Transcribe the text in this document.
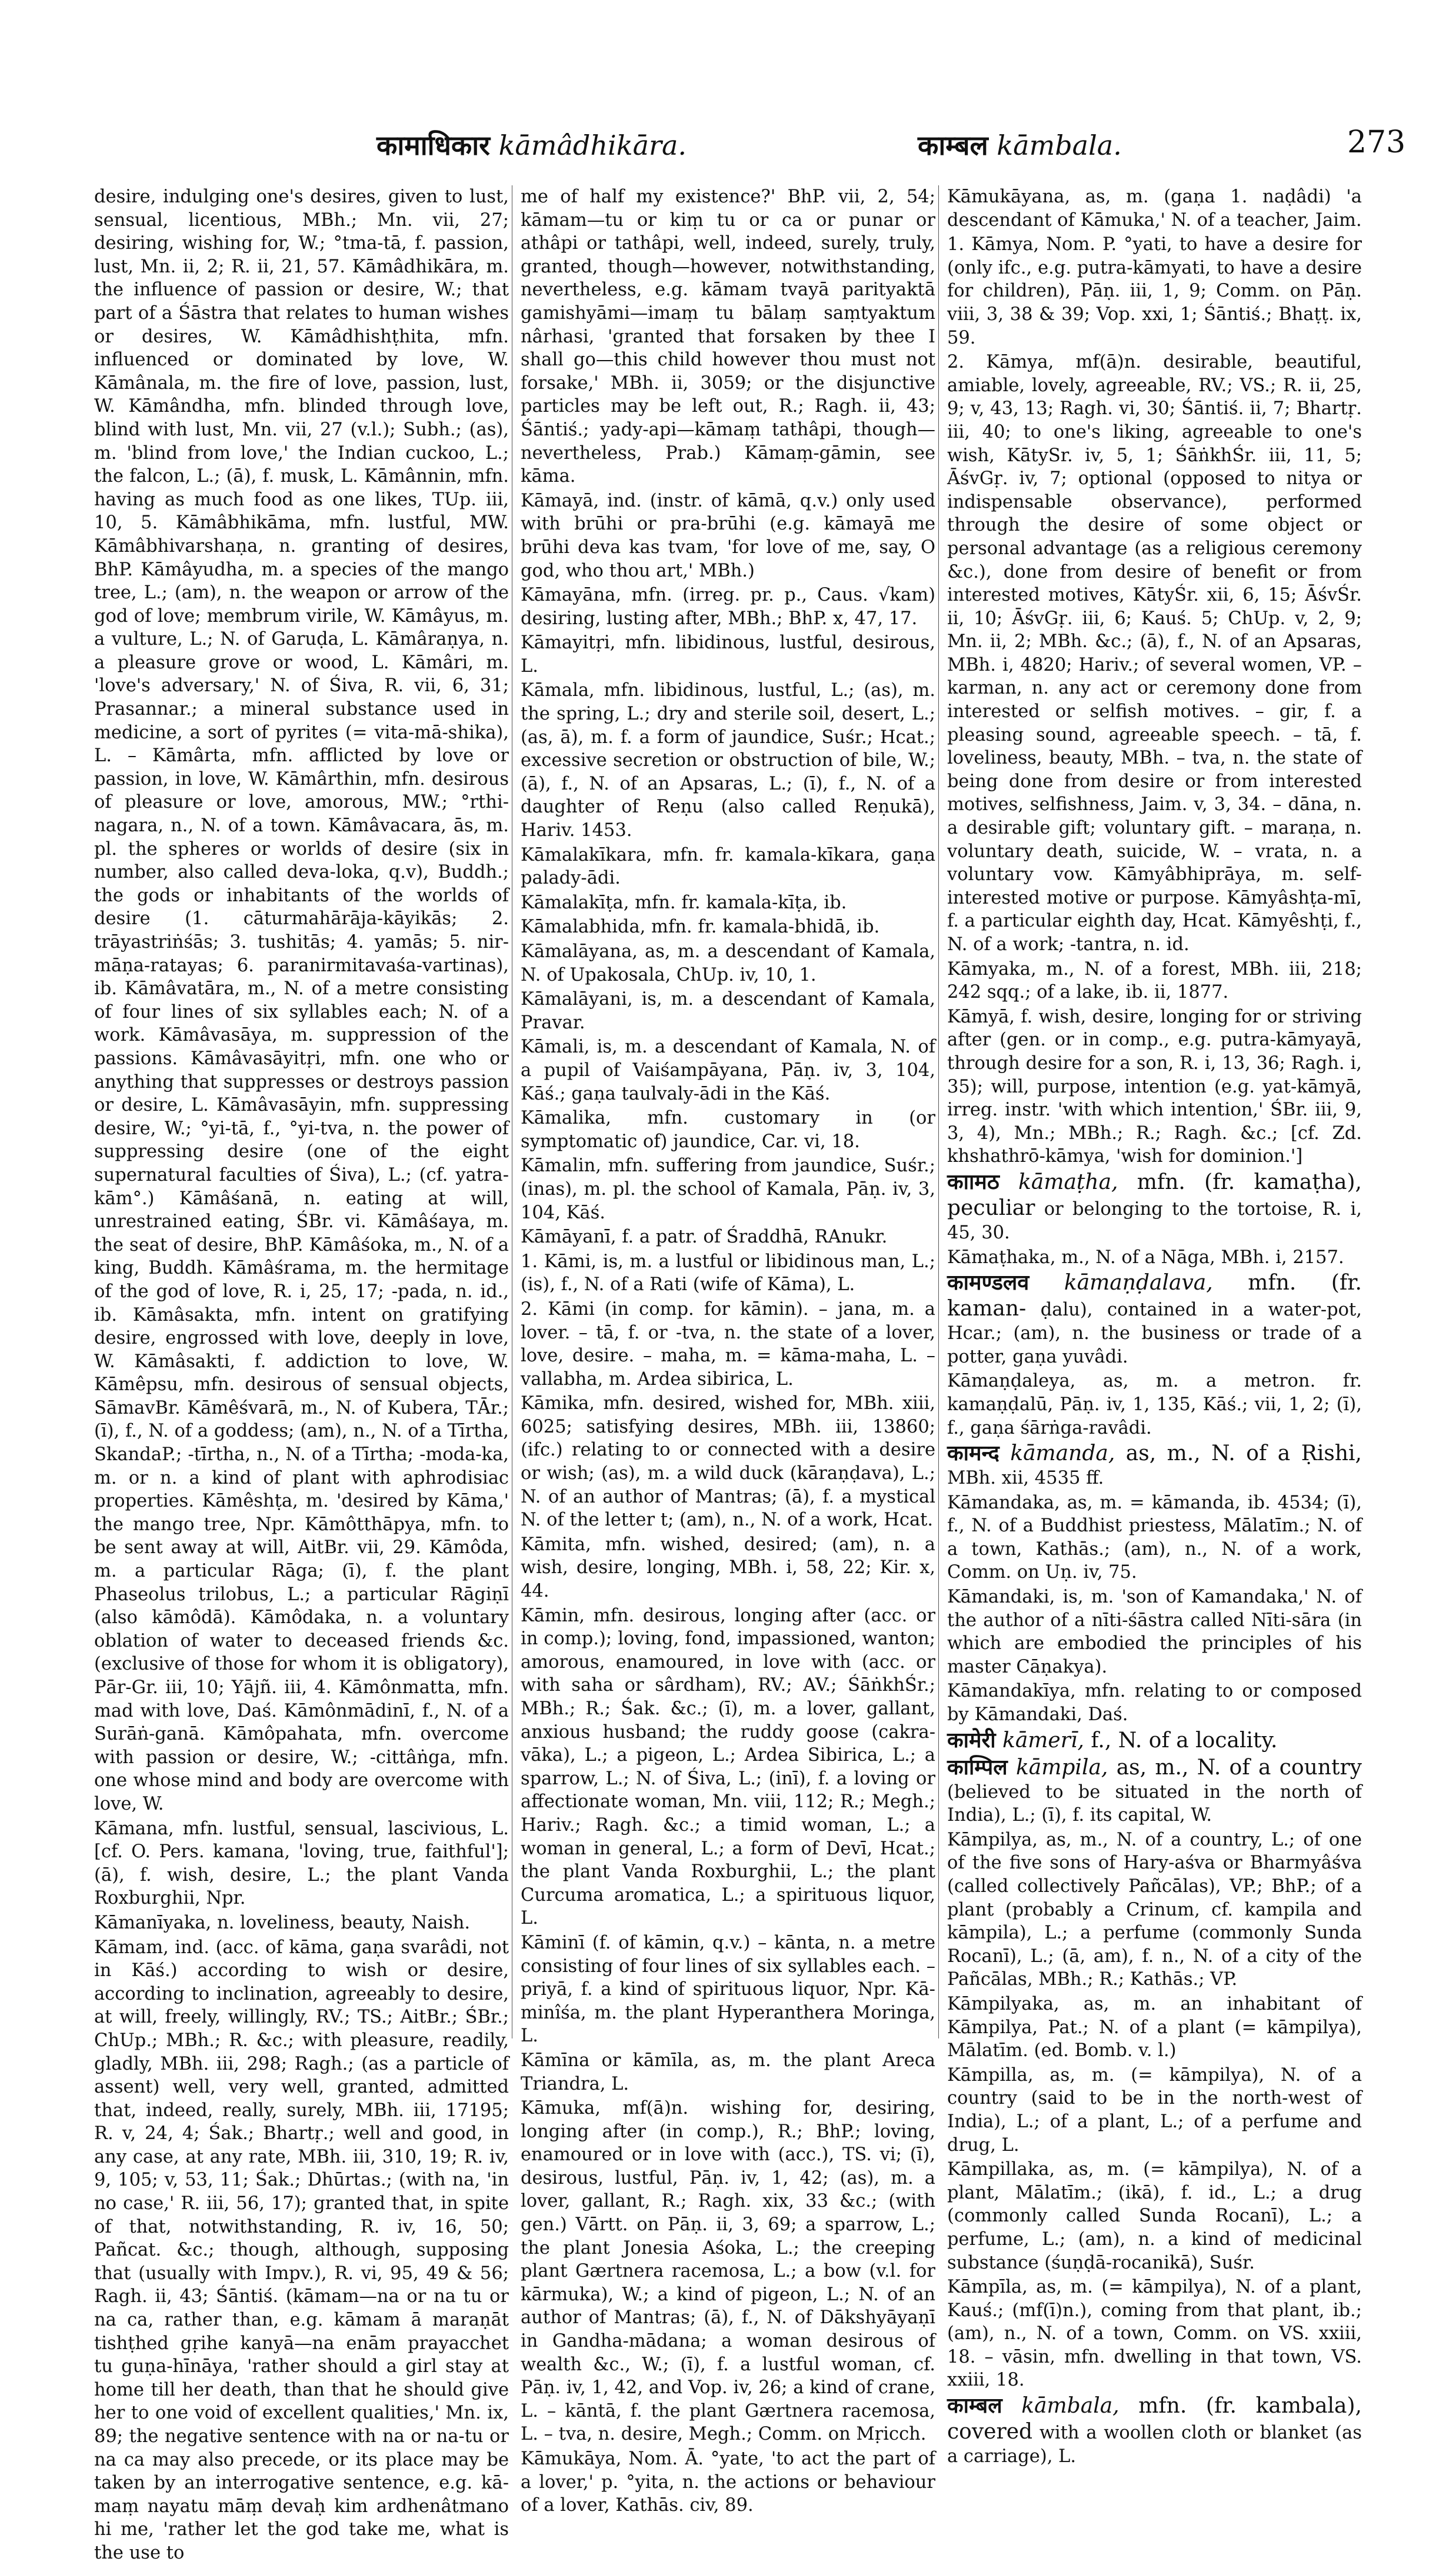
कामाधिकार kāmâdhikāra.	काम्बल kāmbala.	273

desire, indulging one's desires, given to lust, sensual, licentious, MBh.; Mn. vii, 27; desiring, wishing for, W.; °tma-tā, f. passion, lust, Mn. ii, 2; R. ii, 21, 57. Kāmâdhikāra, m. the influence of passion or desire, W.; that part of a Śāstra that relates to human wishes or desires, W. Kāmâdhishṭhita, mfn. influenced or dominated by love, W. Kāmânala, m. the fire of love, passion, lust, W. Kāmândha, mfn. blinded through love, blind with lust, Mn. vii, 27 (v.l.); Subh.; (as), m. 'blind from love,' the Indian cuckoo, L.; the falcon, L.; (ā), f. musk, L. Kāmânnin, mfn. having as much food as one likes, TUp. iii, 10, 5. Kāmâbhikāma, mfn. lustful, MW. Kāmâbhivarshaṇa, n. granting of desires, BhP. Kāmâyudha, m. a species of the mango tree, L.; (am), n. the weapon or arrow of the god of love; membrum virile, W. Kāmâyus, m. a vulture, L.; N. of Garuḍa, L. Kāmâraṇya, n. a pleasure grove or wood, L. Kāmâri, m. 'love's adversary,' N. of Śiva, R. vii, 6, 31; Prasannar.; a mineral substance used in medicine, a sort of pyrites (= vita-mā-shika), L. – Kāmârta, mfn. afflicted by love or passion, in love, W. Kāmârthin, mfn. desirous of pleasure or love, amorous, MW.; °rthi-nagara, n., N. of a town. Kāmâvacara, ās, m. pl. the spheres or worlds of desire (six in number, also called deva-loka, q.v), Buddh.; the gods or inhabitants of the worlds of desire (1. cāturmahārāja-kāyikās; 2. trāyastriṅśās; 3. tushitās; 4. yamās; 5. nir-māṇa-ratayas; 6. paranirmitavaśa-vartinas), ib. Kāmâvatāra, m., N. of a metre consisting of four lines of six syllables each; N. of a work. Kāmâvasāya, m. suppression of the passions. Kāmâvasāyitṛi, mfn. one who or anything that suppresses or destroys passion or desire, L. Kāmâvasāyin, mfn. suppressing desire, W.; °yi-tā, f., °yi-tva, n. the power of suppressing desire (one of the eight supernatural faculties of Śiva), L.; (cf. yatra-kām°.) Kāmâśanā, n. eating at will, unrestrained eating, ŚBr. vi. Kāmâśaya, m. the seat of desire, BhP. Kāmâśoka, m., N. of a king, Buddh. Kāmâśrama, m. the hermitage of the god of love, R. i, 25, 17; -pada, n. id., ib. Kāmâsakta, mfn. intent on gratifying desire, engrossed with love, deeply in love, W. Kāmâsakti, f. addiction to love, W. Kāmêpsu, mfn. desirous of sensual objects, SāmavBr. Kāmêśvarā, m., N. of Kubera, TĀr.; (ī), f., N. of a goddess; (am), n., N. of a Tīrtha, SkandaP.; -tīrtha, n., N. of a Tīrtha; -moda-ka, m. or n. a kind of plant with aphrodisiac properties. Kāmêshṭa, m. 'desired by Kāma,' the mango tree, Npr. Kāmôtthāpya, mfn. to be sent away at will, AitBr. vii, 29. Kāmôda, m. a particular Rāga; (ī), f. the plant Phaseolus trilobus, L.; a particular Rāgiṇī (also kāmôdā). Kāmôdaka, n. a voluntary oblation of water to deceased friends &c. (exclusive of those for whom it is obligatory), Pār-Gr. iii, 10; Yājñ. iii, 4. Kāmônmatta, mfn. mad with love, Daś. Kāmônmādinī, f., N. of a Surāṅ-ganā. Kāmôpahata, mfn. overcome with passion or desire, W.; -cittâṅga, mfn. one whose mind and body are overcome with love, W.

Kāmana, mfn. lustful, sensual, lascivious, L. [cf. O. Pers. kamana, 'loving, true, faithful']; (ā), f. wish, desire, L.; the plant Vanda Roxburghii, Npr.

Kāmanīyaka, n. loveliness, beauty, Naish.

Kāmam, ind. (acc. of kāma, gaṇa svarâdi, not in Kāś.) according to wish or desire, according to inclination, agreeably to desire, at will, freely, willingly, RV.; TS.; AitBr.; ŚBr.; ChUp.; MBh.; R. &c.; with pleasure, readily, gladly, MBh. iii, 298; Ragh.; (as a particle of assent) well, very well, granted, admitted that, indeed, really, surely, MBh. iii, 17195; R. v, 24, 4; Śak.; Bhartṛ.; well and good, in any case, at any rate, MBh. iii, 310, 19; R. iv, 9, 105; v, 53, 11; Śak.; Dhūrtas.; (with na, 'in no case,' R. iii, 56, 17); granted that, in spite of that, notwithstanding, R. iv, 16, 50; Pañcat. &c.; though, although, supposing that (usually with Impv.), R. vi, 95, 49 & 56; Ragh. ii, 43; Śāntiś. (kāmam—na or na tu or na ca, rather than, e.g. kāmam ā maraṇāt tishṭhed gṛihe kanyā—na enām prayacchet tu guṇa-hīnāya, 'rather should a girl stay at home till her death, than that he should give her to one void of excellent qualities,' Mn. ix, 89; the negative sentence with na or na-tu or na ca may also precede, or its place may be taken by an interrogative sentence, e.g. kā-maṃ nayatu māṃ devaḥ kim ardhenâtmano hi me, 'rather let the god take me, what is the use to

me of half my existence?' BhP. vii, 2, 54; kāmam—tu or kiṃ tu or ca or punar or athâpi or tathâpi, well, indeed, surely, truly, granted, though—however, notwithstanding, nevertheless, e.g. kāmam tvayā parityaktā gamishyāmi—imaṃ tu bālaṃ saṃtyaktum nârhasi, 'granted that forsaken by thee I shall go—this child however thou must not forsake,' MBh. ii, 3059; or the disjunctive particles may be left out, R.; Ragh. ii, 43; Śāntiś.; yady-api—kāmaṃ tathâpi, though—nevertheless, Prab.) Kāmaṃ-gāmin, see kāma.

Kāmayā, ind. (instr. of kāmā, q.v.) only used with brūhi or pra-brūhi (e.g. kāmayā me brūhi deva kas tvam, 'for love of me, say, O god, who thou art,' MBh.)

Kāmayāna, mfn. (irreg. pr. p., Caus. √kam) desiring, lusting after, MBh.; BhP. x, 47, 17.

Kāmayitṛi, mfn. libidinous, lustful, desirous, L.

Kāmala, mfn. libidinous, lustful, L.; (as), m. the spring, L.; dry and sterile soil, desert, L.; (as, ā), m. f. a form of jaundice, Suśr.; Hcat.; excessive secretion or obstruction of bile, W.; (ā), f., N. of an Apsaras, L.; (ī), f., N. of a daughter of Reṇu (also called Reṇukā), Hariv. 1453.

Kāmalakīkara, mfn. fr. kamala-kīkara, gaṇa palady-ādi.

Kāmalakīṭa, mfn. fr. kamala-kīṭa, ib.

Kāmalabhida, mfn. fr. kamala-bhidā, ib.

Kāmalāyana, as, m. a descendant of Kamala, N. of Upakosala, ChUp. iv, 10, 1.

Kāmalāyani, is, m. a descendant of Kamala, Pravar.

Kāmali, is, m. a descendant of Kamala, N. of a pupil of Vaiśampāyana, Pāṇ. iv, 3, 104, Kāś.; gaṇa taulvaly-ādi in the Kāś.

Kāmalika, mfn. customary in (or symptomatic of) jaundice, Car. vi, 18.

Kāmalin, mfn. suffering from jaundice, Suśr.; (inas), m. pl. the school of Kamala, Pāṇ. iv, 3, 104, Kāś.

Kāmāyanī, f. a patr. of Śraddhā, RAnukr.

1. Kāmi, is, m. a lustful or libidinous man, L.; (is), f., N. of a Rati (wife of Kāma), L.

2. Kāmi (in comp. for kāmin). – jana, m. a lover. – tā, f. or -tva, n. the state of a lover, love, desire. – maha, m. = kāma-maha, L. – vallabha, m. Ardea sibirica, L.

Kāmika, mfn. desired, wished for, MBh. xiii, 6025; satisfying desires, MBh. iii, 13860; (ifc.) relating to or connected with a desire or wish; (as), m. a wild duck (kāraṇḍava), L.; N. of an author of Mantras; (ā), f. a mystical N. of the letter t; (am), n., N. of a work, Hcat.

Kāmita, mfn. wished, desired; (am), n. a wish, desire, longing, MBh. i, 58, 22; Kir. x, 44.

Kāmin, mfn. desirous, longing after (acc. or in comp.); loving, fond, impassioned, wanton; amorous, enamoured, in love with (acc. or with saha or sârdham), RV.; AV.; ŚāṅkhŚr.; MBh.; R.; Śak. &c.; (ī), m. a lover, gallant, anxious husband; the ruddy goose (cakra-vāka), L.; a pigeon, L.; Ardea Sibirica, L.; a sparrow, L.; N. of Śiva, L.; (inī), f. a loving or affectionate woman, Mn. viii, 112; R.; Megh.; Hariv.; Ragh. &c.; a timid woman, L.; a woman in general, L.; a form of Devī, Hcat.; the plant Vanda Roxburghii, L.; the plant Curcuma aromatica, L.; a spirituous liquor, L.

Kāminī (f. of kāmin, q.v.) – kānta, n. a metre consisting of four lines of six syllables each. – priyā, f. a kind of spirituous liquor, Npr. Kā-minîśa, m. the plant Hyperanthera Moringa, L.

Kāmīna or kāmīla, as, m. the plant Areca Triandra, L.

Kāmuka, mf(ā)n. wishing for, desiring, longing after (in comp.), R.; BhP.; loving, enamoured or in love with (acc.), TS. vi; (ī), desirous, lustful, Pāṇ. iv, 1, 42; (as), m. a lover, gallant, R.; Ragh. xix, 33 &c.; (with gen.) Vārtt. on Pāṇ. ii, 3, 69; a sparrow, L.; the plant Jonesia Aśoka, L.; the creeping plant Gærtnera racemosa, L.; a bow (v.l. for kārmuka), W.; a kind of pigeon, L.; N. of an author of Mantras; (ā), f., N. of Dākshyāyaṇī in Gandha-mādana; a woman desirous of wealth &c., W.; (ī), f. a lustful woman, cf. Pāṇ. iv, 1, 42, and Vop. iv, 26; a kind of crane, L. – kāntā, f. the plant Gærtnera racemosa, L. – tva, n. desire, Megh.; Comm. on Mṛicch.

Kāmukāya, Nom. Ā. °yate, 'to act the part of a lover,' p. °yita, n. the actions or behaviour of a lover, Kathās. civ, 89.

Kāmukāyana, as, m. (gaṇa 1. naḍâdi) 'a descendant of Kāmuka,' N. of a teacher, Jaim.

1. Kāmya, Nom. P. °yati, to have a desire for (only ifc., e.g. putra-kāmyati, to have a desire for children), Pāṇ. iii, 1, 9; Comm. on Pāṇ. viii, 3, 38 & 39; Vop. xxi, 1; Śāntiś.; Bhaṭṭ. ix, 59.

2. Kāmya, mf(ā)n. desirable, beautiful, amiable, lovely, agreeable, RV.; VS.; R. ii, 25, 9; v, 43, 13; Ragh. vi, 30; Śāntiś. ii, 7; Bhartṛ. iii, 40; to one's liking, agreeable to one's wish, KātySr. iv, 5, 1; ŚāṅkhŚr. iii, 11, 5; ĀśvGṛ. iv, 7; optional (opposed to nitya or indispensable observance), performed through the desire of some object or personal advantage (as a religious ceremony &c.), done from desire of benefit or from interested motives, KātyŚr. xii, 6, 15; ĀśvŚr. ii, 10; ĀśvGṛ. iii, 6; Kauś. 5; ChUp. v, 2, 9; Mn. ii, 2; MBh. &c.; (ā), f., N. of an Apsaras, MBh. i, 4820; Hariv.; of several women, VP. – karman, n. any act or ceremony done from interested or selfish motives. – gir, f. a pleasing sound, agreeable speech. – tā, f. loveliness, beauty, MBh. – tva, n. the state of being done from desire or from interested motives, selfishness, Jaim. v, 3, 34. – dāna, n. a desirable gift; voluntary gift. – maraṇa, n. voluntary death, suicide, W. – vrata, n. a voluntary vow. Kāmyâbhiprāya, m. self-interested motive or purpose. Kāmyâshṭa-mī, f. a particular eighth day, Hcat. Kāmyêshṭi, f., N. of a work; -tantra, n. id.

Kāmyaka, m., N. of a forest, MBh. iii, 218; 242 sqq.; of a lake, ib. ii, 1877.

Kāmyā, f. wish, desire, longing for or striving after (gen. or in comp., e.g. putra-kāmyayā, through desire for a son, R. i, 13, 36; Ragh. i, 35); will, purpose, intention (e.g. yat-kāmyā, irreg. instr. 'with which intention,' ŚBr. iii, 9, 3, 4), Mn.; MBh.; R.; Ragh. &c.; [cf. Zd. khshathrō-kāmya, 'wish for dominion.']

काामठ kāmaṭha, mfn. (fr. kamaṭha), peculiar or belonging to the tortoise, R. i, 45, 30.

Kāmaṭhaka, m., N. of a Nāga, MBh. i, 2157.

कामण्डलव kāmaṇḍalava, mfn. (fr. kaman- ḍalu), contained in a water-pot, Hcar.; (am), n. the business or trade of a potter, gaṇa yuvâdi.

Kāmaṇḍaleya, as, m. a metron. fr. kamaṇḍalū, Pāṇ. iv, 1, 135, Kāś.; vii, 1, 2; (ī), f., gaṇa śārṅga-ravâdi.

कामन्द kāmanda, as, m., N. of a Ṛishi, MBh. xii, 4535 ff.

Kāmandaka, as, m. = kāmanda, ib. 4534; (ī), f., N. of a Buddhist priestess, Mālatīm.; N. of a town, Kathās.; (am), n., N. of a work, Comm. on Uṇ. iv, 75.

Kāmandaki, is, m. 'son of Kamandaka,' N. of the author of a nīti-śāstra called Nīti-sāra (in which are embodied the principles of his master Cāṇakya).

Kāmandakīya, mfn. relating to or composed by Kāmandaki, Daś.

कामेरी kāmerī, f., N. of a locality.

काम्पिल kāmpila, as, m., N. of a country (believed to be situated in the north of India), L.; (ī), f. its capital, W.

Kāmpilya, as, m., N. of a country, L.; of one of the five sons of Hary-aśva or Bharmyâśva (called collectively Pañcālas), VP.; BhP.; of a plant (probably a Crinum, cf. kampila and kāmpila), L.; a perfume (commonly Sunda Rocanī), L.; (ā, am), f. n., N. of a city of the Pañcālas, MBh.; R.; Kathās.; VP.

Kāmpilyaka, as, m. an inhabitant of Kāmpilya, Pat.; N. of a plant (= kāmpilya), Mālatīm. (ed. Bomb. v. l.)

Kāmpilla, as, m. (= kāmpilya), N. of a country (said to be in the north-west of India), L.; of a plant, L.; of a perfume and drug, L.

Kāmpillaka, as, m. (= kāmpilya), N. of a plant, Mālatīm.; (ikā), f. id., L.; a drug (commonly called Sunda Rocanī), L.; a perfume, L.; (am), n. a kind of medicinal substance (śuṇḍā-rocanikā), Suśr.

Kāmpīla, as, m. (= kāmpilya), N. of a plant, Kauś.; (mf(ī)n.), coming from that plant, ib.; (am), n., N. of a town, Comm. on VS. xxiii, 18. – vāsin, mfn. dwelling in that town, VS. xxiii, 18.

काम्बल kāmbala, mfn. (fr. kambala), covered with a woollen cloth or blanket (as a carriage), L.
